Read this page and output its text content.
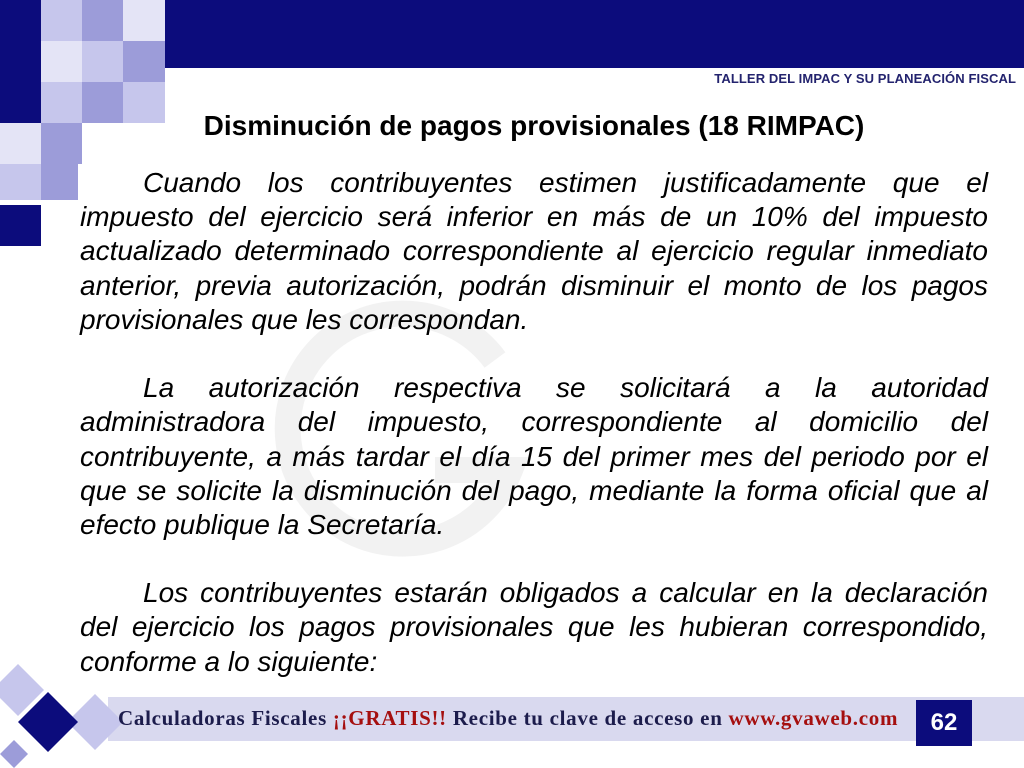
TALLER DEL IMPAC Y SU PLANEACIÓN FISCAL
Disminución de pagos provisionales (18 RIMPAC)
Cuando los contribuyentes estimen justificadamente que el
impuesto del ejercicio será inferior en más de un 10% del impuesto
actualizado determinado correspondiente al ejercicio regular inmediato
anterior, previa autorización, podrán disminuir el monto de los pagos
provisionales que les correspondan.
La autorización respectiva se solicitará a la autoridad
administradora del impuesto, correspondiente al domicilio del
contribuyente, a más tardar el día 15 del primer mes del periodo por el
que se solicite la disminución del pago, mediante la forma oficial que al
efecto publique la Secretaría.
Los contribuyentes estarán obligados a calcular en la declaración
del ejercicio los pagos provisionales que les hubieran correspondido,
conforme a lo siguiente:
Calculadoras Fiscales ¡¡GRATIS!! Recibe tu clave de acceso en www.gvaweb.com	62
